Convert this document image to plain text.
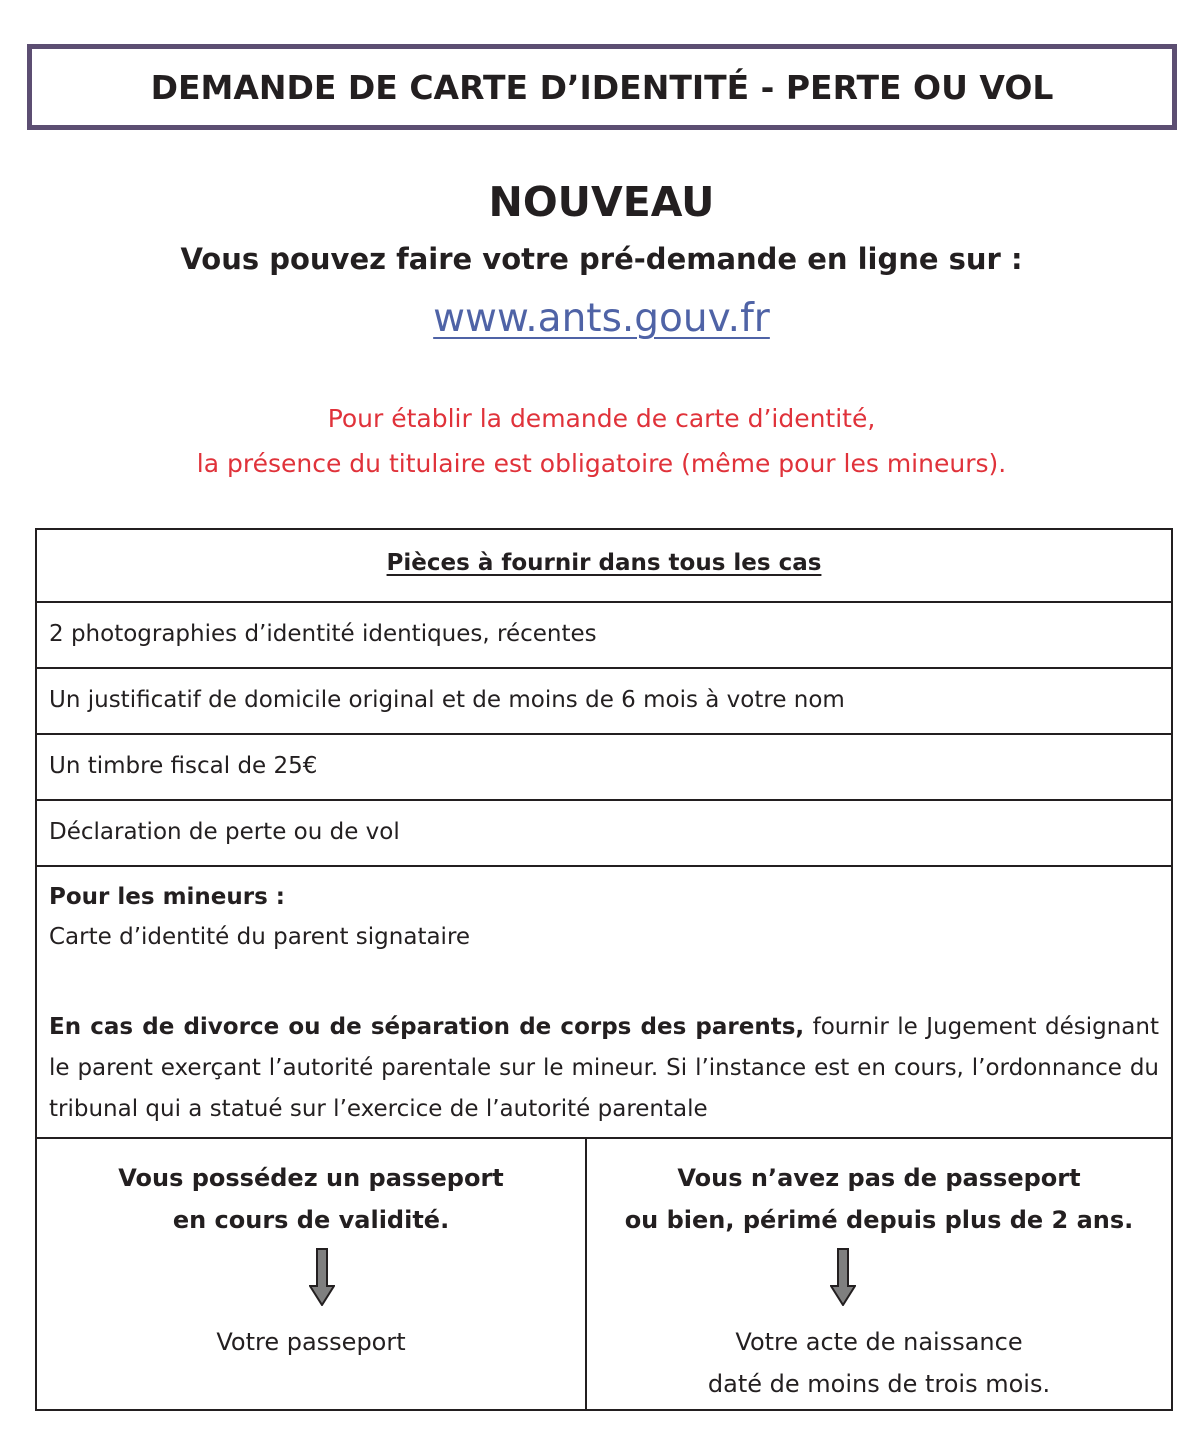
DEMANDE DE CARTE D’IDENTITÉ - PERTE OU VOL
NOUVEAU
Vous pouvez faire votre pré-demande en ligne sur :
www.ants.gouv.fr
Pour établir la demande de carte d’identité,
la présence du titulaire est obligatoire (même pour les mineurs).
Pièces à fournir dans tous les cas
2 photographies d’identité identiques, récentes
Un justificatif de domicile original et de moins de 6 mois à votre nom
Un timbre fiscal de 25€
Déclaration de perte ou de vol
Pour les mineurs :
Carte d’identité du parent signataire
En cas de divorce ou de séparation de corps des parents, fournir le Jugement désignant le parent exerçant l’autorité parentale sur le mineur. Si l’instance est en cours, l’ordonnance du tribunal qui a statué sur l’exercice de l’autorité parentale
Vous possédez un passeport
en cours de validité.
Votre passeport
Vous n’avez pas de passeport
ou bien, périmé depuis plus de 2 ans.
Votre acte de naissance
daté de moins de trois mois.
